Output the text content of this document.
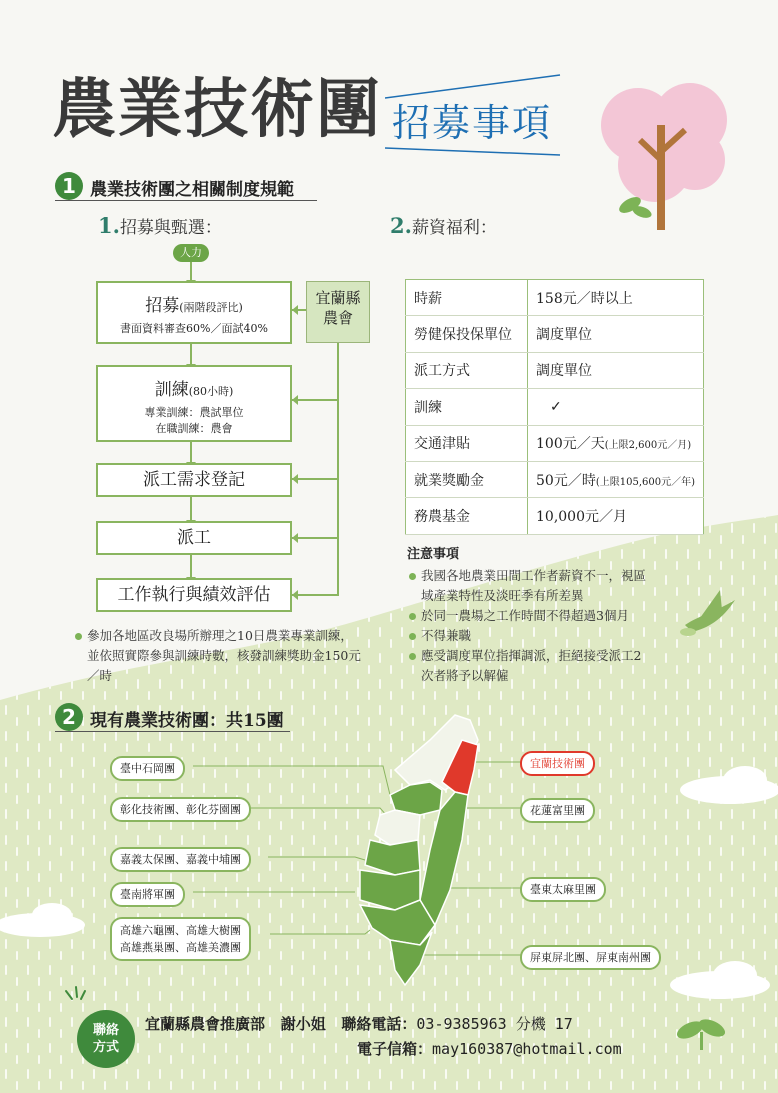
農業技術團 招募事項
1 農業技術團之相關制度規範
1.招募與甄選：
人力
招募(兩階段評比)
書面資料審查60%／面試40%
宜蘭縣
農會
訓練(80小時)
專業訓練：農試單位
在職訓練：農會
派工需求登記
派工
工作執行與績效評估
參加各地區改良場所辦理之10日農業專業訓練，並依照實際參與訓練時數，核發訓練獎助金150元／時
2.薪資福利：
時薪	158元／時以上
勞健保投保單位	調度單位
派工方式	調度單位
訓練	✓
交通津貼	100元／天(上限2,600元／月)
就業獎勵金	50元／時(上限105,600元／年)
務農基金	10,000元／月
注意事項
我國各地農業田間工作者薪資不一，視區域產業特性及淡旺季有所差異
於同一農場之工作時間不得超過3個月
不得兼職
應受調度單位指揮調派，拒絕接受派工2次者將予以解僱
2 現有農業技術團：共15團
臺中石岡團
彰化技術團、彰化芬園團
嘉義太保團、嘉義中埔團
臺南將軍團
高雄六龜團、高雄大樹團
高雄燕巢團、高雄美濃團
宜蘭技術團
花蓮富里團
臺東太麻里團
屏東屏北團、屏東南州團
聯絡
方式
宜蘭縣農會推廣部 謝小姐 聯絡電話：03-9385963 分機 17
電子信箱：may160387@hotmail.com
